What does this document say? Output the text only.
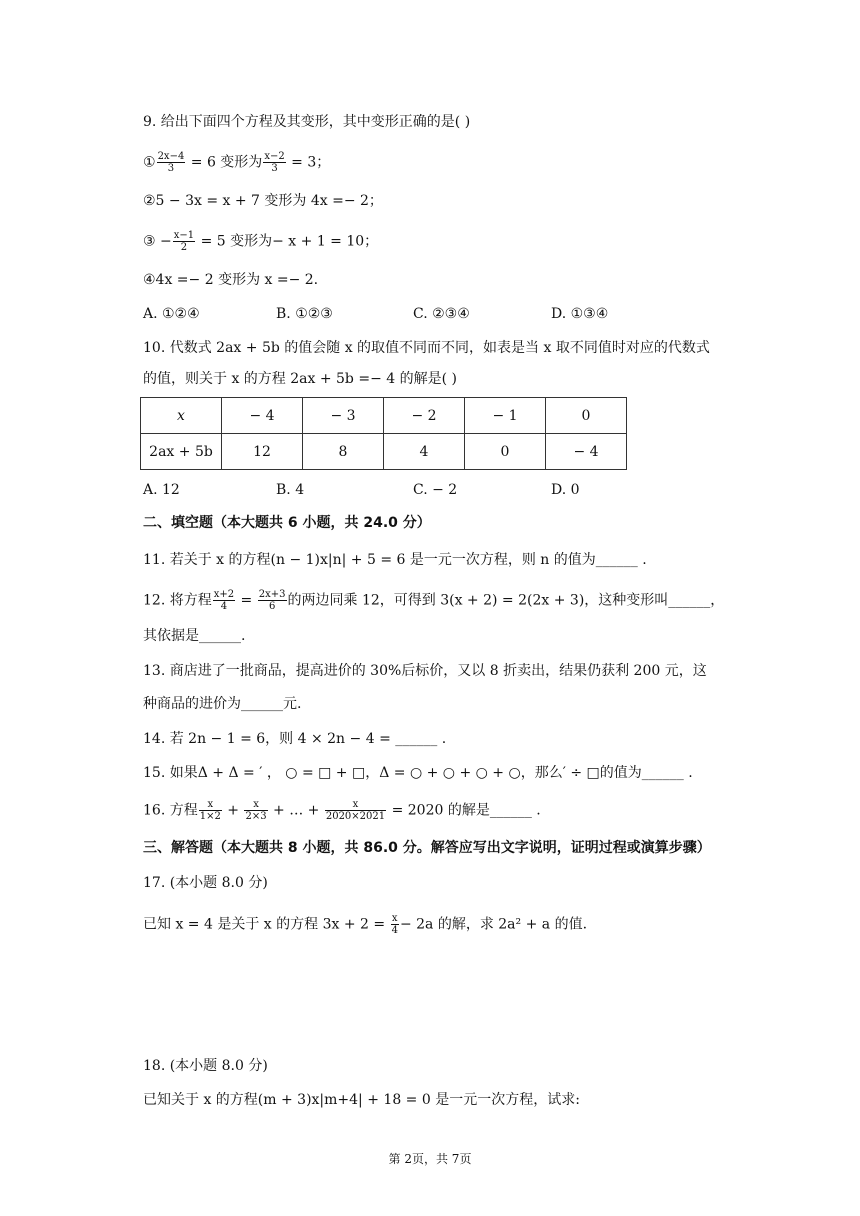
9. 给出下面四个方程及其变形，其中变形正确的是( )
① $\frac{2x-4}{3} = 6$ 变形为 $\frac{x-2}{3} = 3$；
②5 − 3x = x + 7 变形为 4x =− 2；
③ − $\frac{x-1}{2} = 5$ 变形为− x + 1 = 10；
④4x =− 2 变形为 x =− 2.
A. ①②④	B. ①②③	C. ②③④	D. ①③④
10. 代数式 2ax + 5b 的值会随 x 的取值不同而不同，如表是当 x 取不同值时对应的代数式
的值，则关于 x 的方程 2ax + 5b =− 4 的解是( )
x	− 4	− 3	− 2	− 1	0
2ax + 5b	12	8	4	0	− 4
A. 12	B. 4	C. − 2	D. 0
二、填空题（本大题共 6 小题，共 24.0 分）
11. 若关于 x 的方程(n − 1)x|n| + 5 = 6 是一元一次方程，则 n 的值为______ .
12. 将方程 $\frac{x+2}{4} = \frac{2x+3}{6}$ 的两边同乘 12，可得到 3(x + 2) = 2(2x + 3)，这种变形叫______，
其依据是______.
13. 商店进了一批商品，提高进价的 30%后标价，又以 8 折卖出，结果仍获利 200 元，这
种商品的进价为______元.
14. 若 2n − 1 = 6，则 4 × 2n − 4 = ______ .
15. 如果Δ + Δ = ′ ， ○ = □ + □，Δ = ○ + ○ + ○ + ○，那么′ ÷ □的值为______ .
16. 方程 $\frac{x}{1\times 2} + \frac{x}{2\times 3}$ + … + $\frac{x}{2020\times 2021} = 2020$ 的解是______ .
三、解答题（本大题共 8 小题，共 86.0 分。解答应写出文字说明，证明过程或演算步骤）
17. (本小题 8.0 分)
已知 x = 4 是关于 x 的方程 $3x + 2 = \frac{x}{4} - 2a$ 的解，求 2a² + a 的值.
18. (本小题 8.0 分)
已知关于 x 的方程(m + 3)x|m+4| + 18 = 0 是一元一次方程，试求:
第 2页，共 7页
